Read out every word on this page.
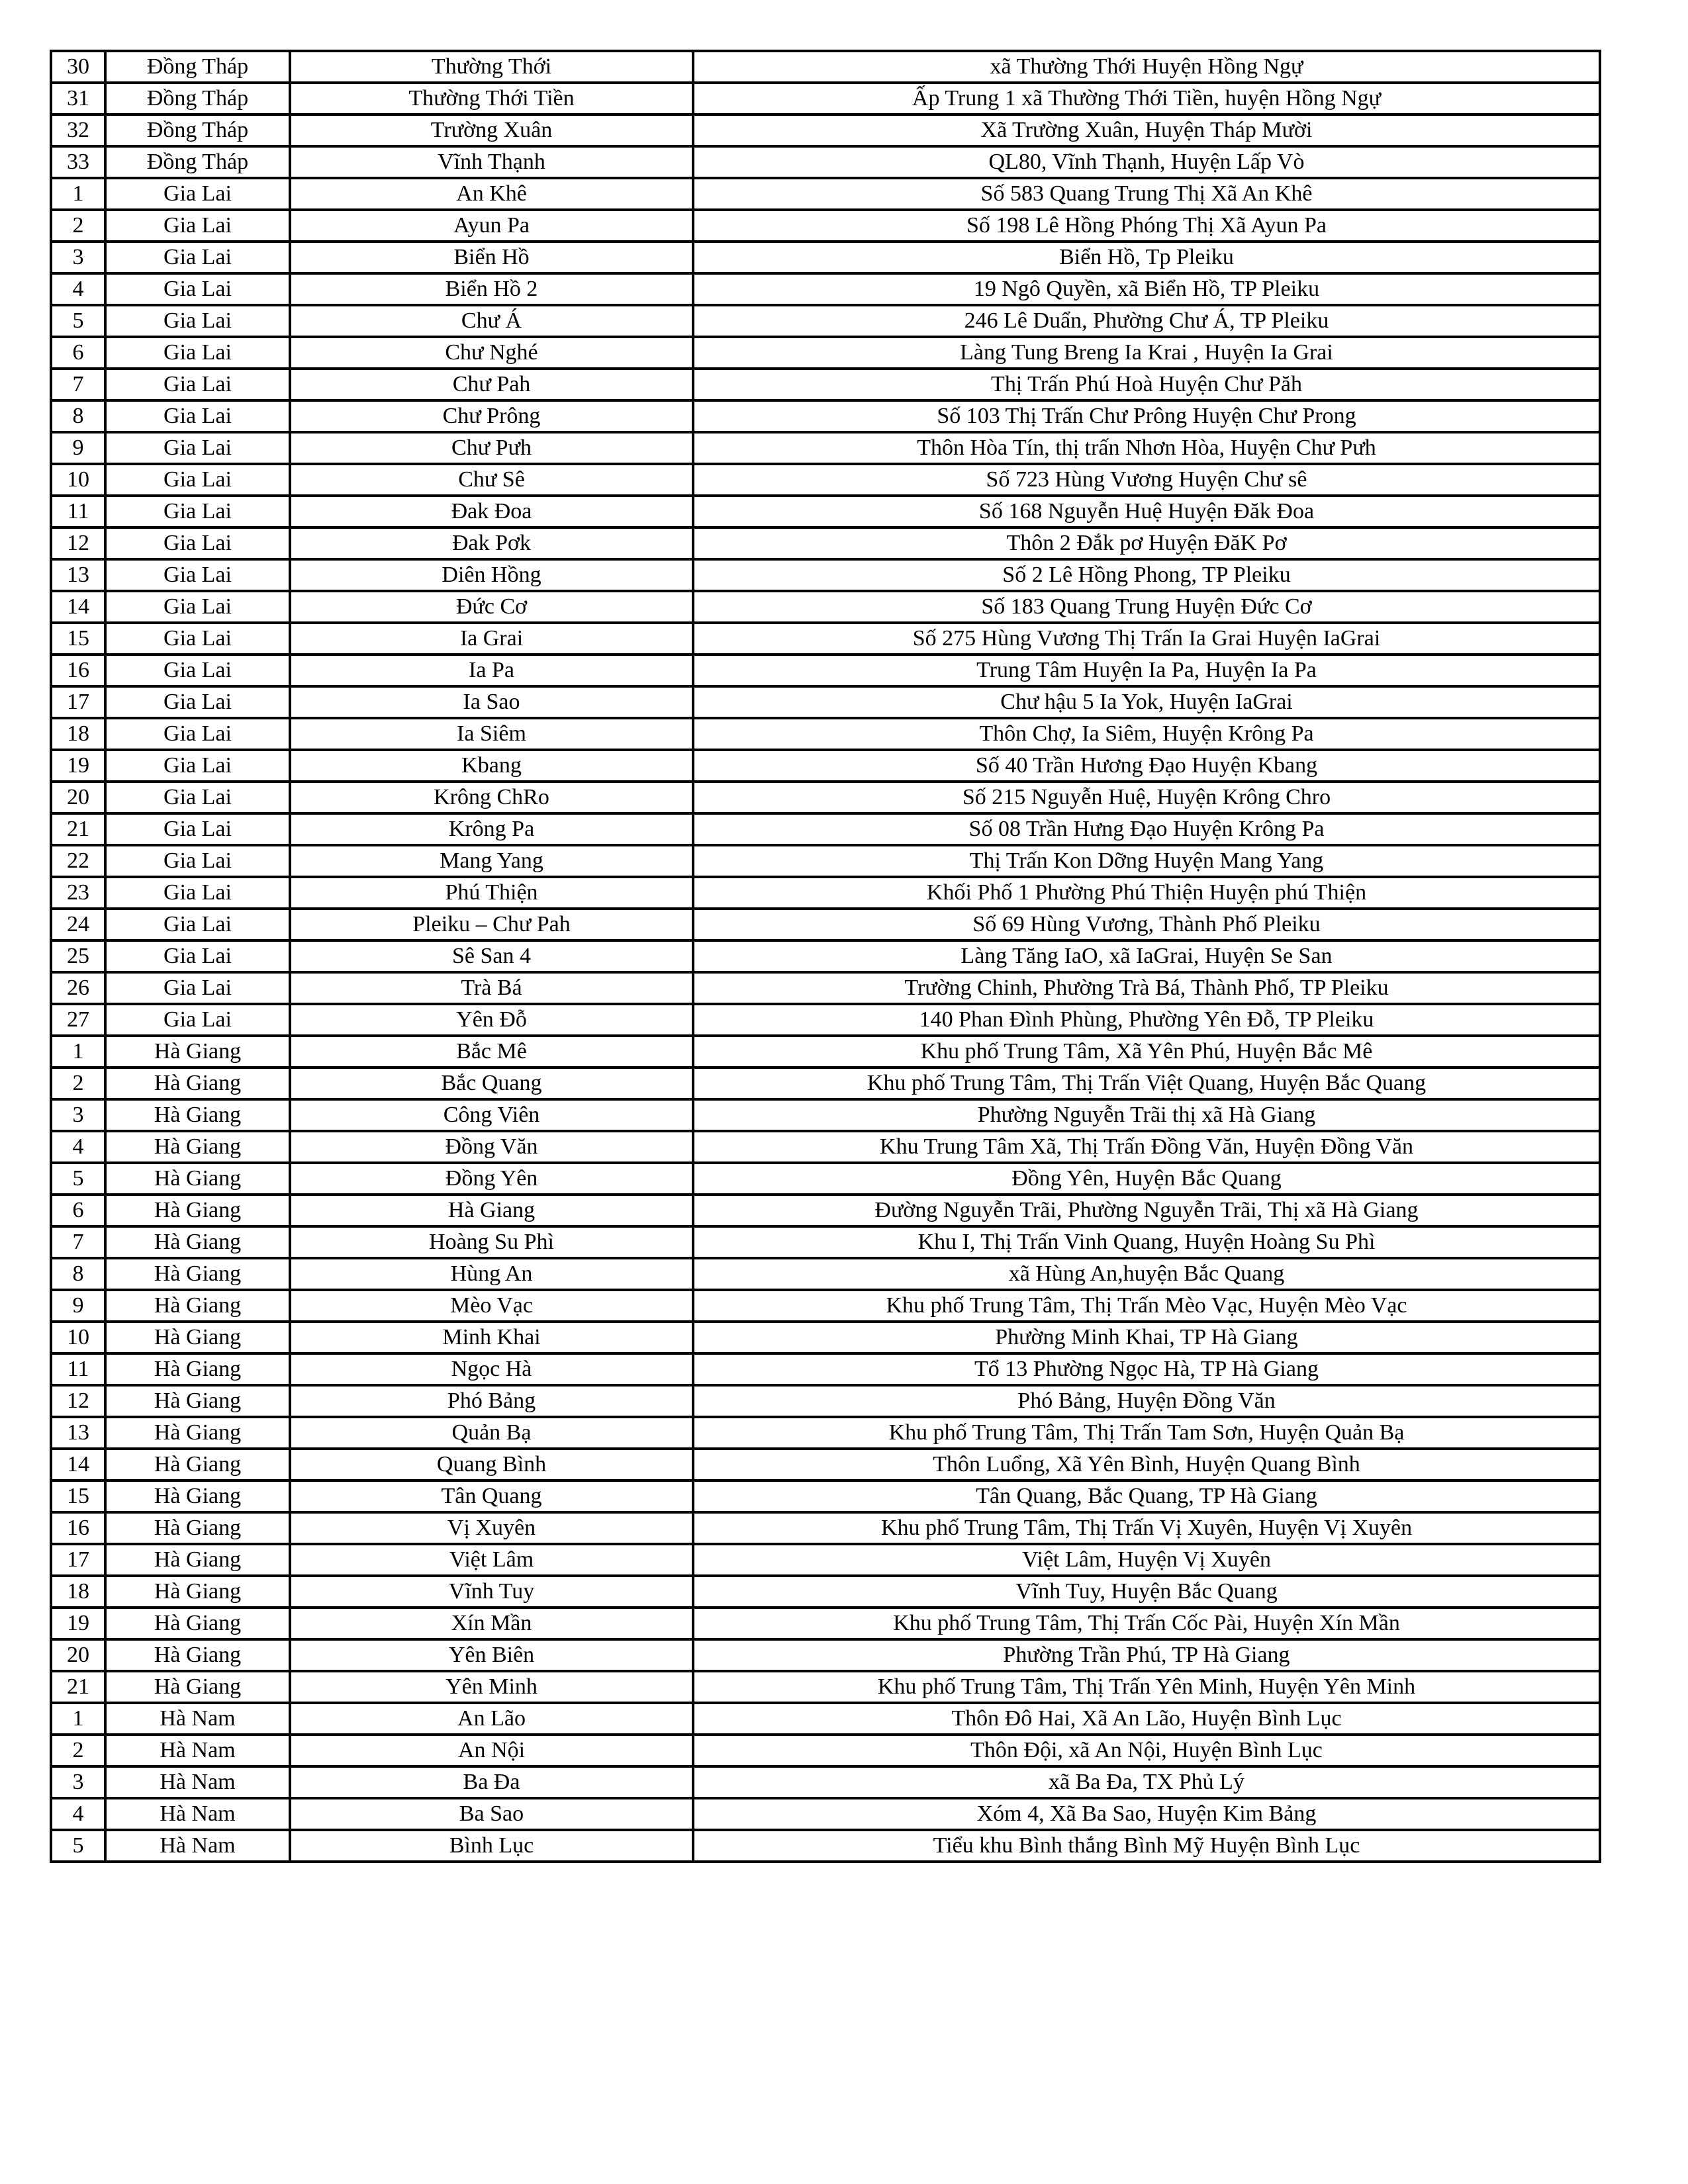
30	Đồng Tháp	Thường Thới	xã Thường Thới Huyện Hồng Ngự
31	Đồng Tháp	Thường Thới Tiền	Ấp Trung 1 xã Thường Thới Tiền, huyện Hồng Ngự
32	Đồng Tháp	Trường Xuân	Xã Trường Xuân, Huyện Tháp Mười
33	Đồng Tháp	Vĩnh Thạnh	QL80, Vĩnh Thạnh, Huyện Lấp Vò
1	Gia Lai	An Khê	Số 583 Quang Trung Thị Xã An Khê
2	Gia Lai	Ayun Pa	Số 198 Lê Hồng Phóng Thị Xã Ayun Pa
3	Gia Lai	Biển Hồ	Biển Hồ, Tp Pleiku
4	Gia Lai	Biển Hồ 2	19 Ngô Quyền, xã Biển Hồ, TP Pleiku
5	Gia Lai	Chư Á	246 Lê Duẩn, Phường Chư Á, TP Pleiku
6	Gia Lai	Chư Nghé	Làng Tung Breng Ia Krai , Huyện Ia Grai
7	Gia Lai	Chư Pah	Thị Trấn Phú Hoà Huyện Chư Păh
8	Gia Lai	Chư Prông	Số 103 Thị Trấn Chư Prông Huyện Chư Prong
9	Gia Lai	Chư Pưh	Thôn Hòa Tín, thị trấn Nhơn Hòa, Huyện Chư Pưh
10	Gia Lai	Chư Sê	Số 723 Hùng Vương Huyện Chư sê
11	Gia Lai	Đak Đoa	Số 168 Nguyễn Huệ Huyện Đăk Đoa
12	Gia Lai	Đak Pơk	Thôn 2 Đắk pơ Huyện ĐăK Pơ
13	Gia Lai	Diên Hồng	Số 2 Lê Hồng Phong, TP Pleiku
14	Gia Lai	Đức Cơ	Số 183 Quang Trung Huyện Đức Cơ
15	Gia Lai	Ia Grai	Số 275 Hùng Vương Thị Trấn Ia Grai Huyện IaGrai
16	Gia Lai	Ia Pa	Trung Tâm Huyện Ia Pa, Huyện Ia Pa
17	Gia Lai	Ia Sao	Chư hậu 5 Ia Yok, Huyện IaGrai
18	Gia Lai	Ia Siêm	Thôn Chợ, Ia Siêm, Huyện Krông Pa
19	Gia Lai	Kbang	Số 40 Trần Hương Đạo Huyện Kbang
20	Gia Lai	Krông ChRo	Số 215 Nguyễn Huệ, Huyện Krông Chro
21	Gia Lai	Krông Pa	Số 08 Trần Hưng Đạo Huyện Krông Pa
22	Gia Lai	Mang Yang	Thị Trấn Kon Dỡng Huyện Mang Yang
23	Gia Lai	Phú Thiện	Khối Phố 1 Phường Phú Thiện Huyện phú Thiện
24	Gia Lai	Pleiku – Chư Pah	Số 69 Hùng Vương, Thành Phố Pleiku
25	Gia Lai	Sê San 4	Làng Tăng IaO, xã IaGrai, Huyện Se San
26	Gia Lai	Trà Bá	Trường Chinh, Phường Trà Bá, Thành Phố, TP Pleiku
27	Gia Lai	Yên Đỗ	140 Phan Đình Phùng, Phường Yên Đỗ, TP Pleiku
1	Hà Giang	Bắc Mê	Khu phố Trung Tâm, Xã Yên Phú, Huyện Bắc Mê
2	Hà Giang	Bắc Quang	Khu phố Trung Tâm, Thị Trấn Việt Quang, Huyện Bắc Quang
3	Hà Giang	Công Viên	Phường Nguyễn Trãi thị xã Hà Giang
4	Hà Giang	Đồng Văn	Khu Trung Tâm Xã, Thị Trấn Đồng Văn, Huyện Đồng Văn
5	Hà Giang	Đồng Yên	Đồng Yên, Huyện Bắc Quang
6	Hà Giang	Hà Giang	Đường Nguyễn Trãi, Phường Nguyễn Trãi, Thị xã Hà Giang
7	Hà Giang	Hoàng Su Phì	Khu I, Thị Trấn Vinh Quang, Huyện Hoàng Su Phì
8	Hà Giang	Hùng An	xã Hùng An,huyện Bắc Quang
9	Hà Giang	Mèo Vạc	Khu phố Trung Tâm, Thị Trấn Mèo Vạc, Huyện Mèo Vạc
10	Hà Giang	Minh Khai	Phường Minh Khai, TP Hà Giang
11	Hà Giang	Ngọc Hà	Tổ 13 Phường Ngọc Hà, TP Hà Giang
12	Hà Giang	Phó Bảng	Phó Bảng, Huyện Đồng Văn
13	Hà Giang	Quản Bạ	Khu phố Trung Tâm, Thị Trấn Tam Sơn, Huyện Quản Bạ
14	Hà Giang	Quang Bình	Thôn Luổng, Xã Yên Bình, Huyện Quang Bình
15	Hà Giang	Tân Quang	Tân Quang, Bắc Quang, TP Hà Giang
16	Hà Giang	Vị Xuyên	Khu phố Trung Tâm, Thị Trấn Vị Xuyên, Huyện Vị Xuyên
17	Hà Giang	Việt Lâm	Việt Lâm, Huyện Vị Xuyên
18	Hà Giang	Vĩnh Tuy	Vĩnh Tuy, Huyện Bắc Quang
19	Hà Giang	Xín Mần	Khu phố Trung Tâm, Thị Trấn Cốc Pài, Huyện Xín Mần
20	Hà Giang	Yên Biên	Phường Trần Phú, TP Hà Giang
21	Hà Giang	Yên Minh	Khu phố Trung Tâm, Thị Trấn Yên Minh, Huyện Yên Minh
1	Hà Nam	An Lão	Thôn Đô Hai, Xã An Lão, Huyện Bình Lục
2	Hà Nam	An Nội	Thôn Đội, xã An Nội, Huyện Bình Lục
3	Hà Nam	Ba Đa	xã Ba Đa, TX Phủ Lý
4	Hà Nam	Ba Sao	Xóm 4, Xã Ba Sao, Huyện Kim Bảng
5	Hà Nam	Bình Lục	Tiểu khu Bình thắng Bình Mỹ Huyện Bình Lục
